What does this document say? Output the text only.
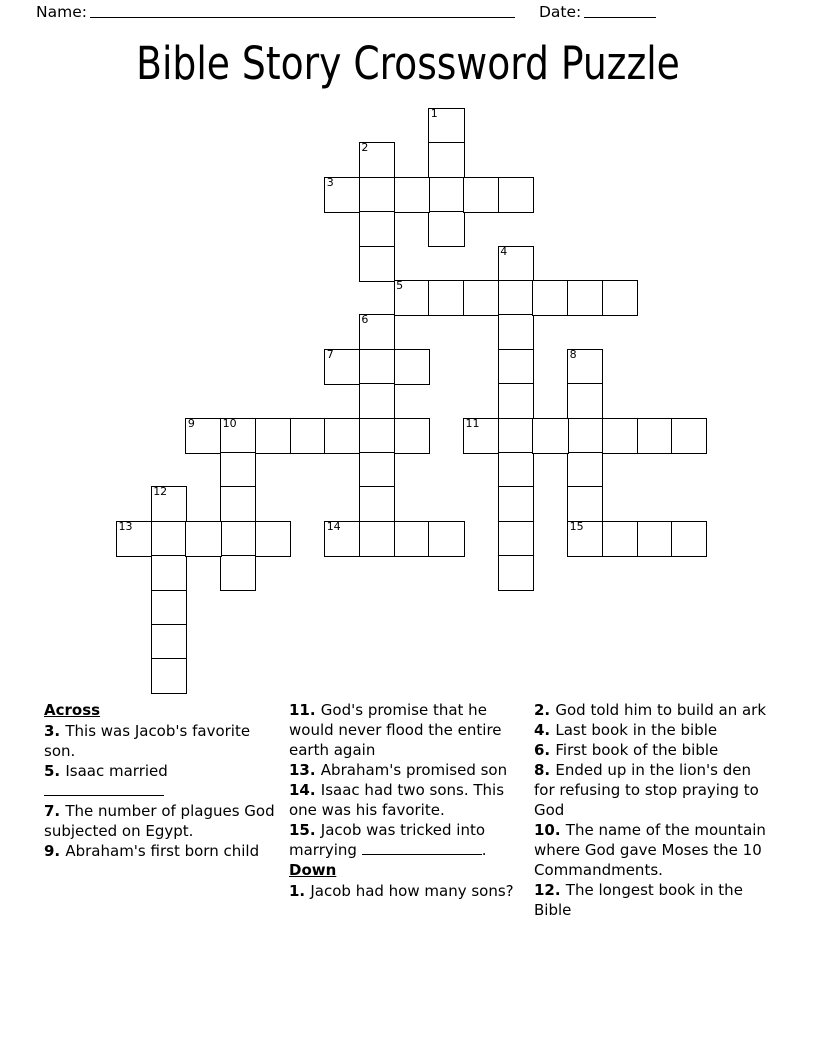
Name:	Date:
Bible Story Crossword Puzzle
1
2
3
4
5
6
7	8
15
9	10	11
12
13	14
Across
3. This was Jacob's favorite son.
5. Isaac married
7. The number of plagues God subjected on Egypt.
9. Abraham's first born child
11. God's promise that he would never flood the entire earth again
13. Abraham's promised son
14. Isaac had two sons. This one was his favorite.
15. Jacob was tricked into marrying	.
Down
1. Jacob had how many sons?
2. God told him to build an ark
4. Last book in the bible
6. First book of the bible
8. Ended up in the lion's den for refusing to stop praying to God
10. The name of the mountain where God gave Moses the 10 Commandments.
12. The longest book in the Bible
